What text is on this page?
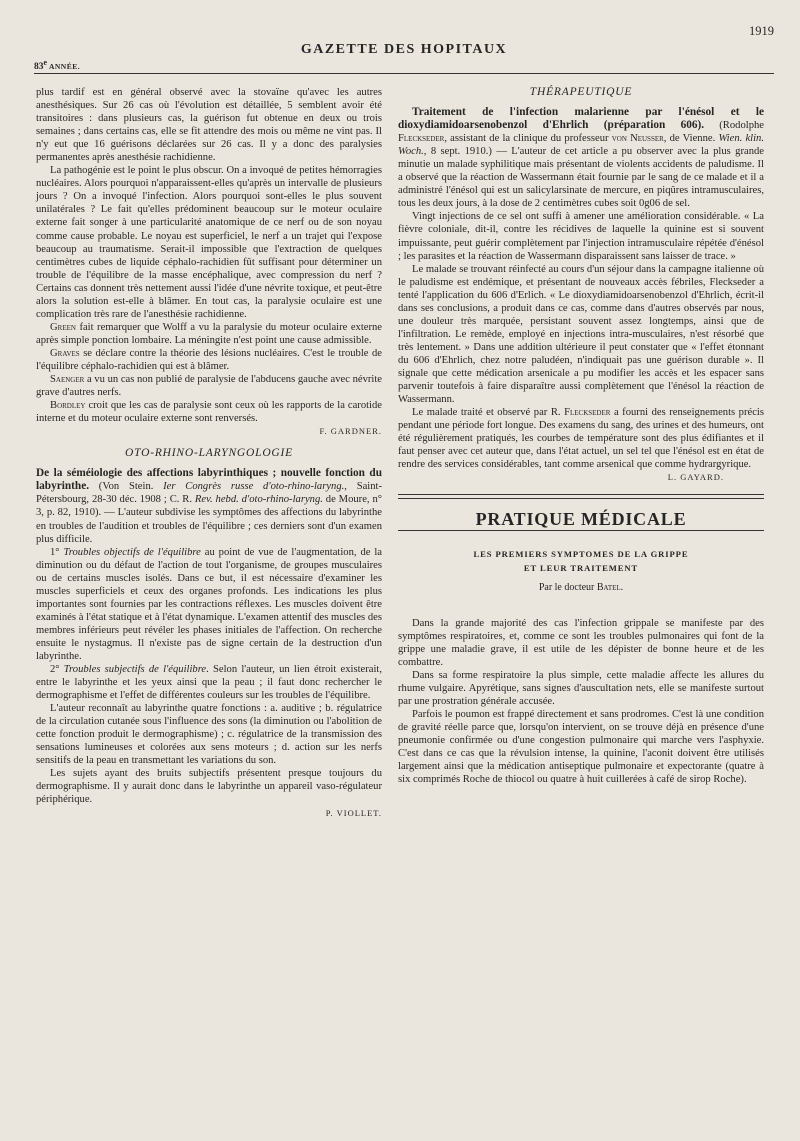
1919
GAZETTE DES HOPITAUX
83e ANNÉE.

plus tardif est en général observé avec la stovaïne qu'avec les autres anesthésiques. Sur 26 cas où l'évolution est détaillée, 5 semblent avoir été transitoires : dans plusieurs cas, la guérison fut obtenue en deux ou trois semaines ; dans certains cas, elle se fit attendre des mois ou même ne vint pas. Il n'y eut que 16 guérisons déclarées sur 26 cas. Il y a donc des paralysies permanentes après anesthésie rachidienne.

La pathogénie est le point le plus obscur. On a invoqué de petites hémorragies nucléaires. Alors pourquoi n'apparaissent-elles qu'après un intervalle de plusieurs jours ? On a invoqué l'infection. Alors pourquoi sont-elles le plus souvent unilatérales ? Le fait qu'elles prédominent beaucoup sur le moteur oculaire externe fait songer à une particularité anatomique de ce nerf ou de son noyau comme cause probable. Le noyau est superficiel, le nerf a un trajet qui l'expose beaucoup au traumatisme. Serait-il impossible que l'extraction de quelques centimètres cubes de liquide céphalo-rachidien fût suffisant pour déterminer un trouble de l'équilibre de la masse encéphalique, avec compression du nerf ? Certains cas donnent très nettement aussi l'idée d'une névrite toxique, et peut-être alors la solution est-elle à blâmer. En tout cas, la paralysie oculaire est une complication très rare de l'anesthésie rachidienne.

Green fait remarquer que Wolff a vu la paralysie du moteur oculaire externe après simple ponction lombaire. La méningite n'est point une cause admissible.

Graves se déclare contre la théorie des lésions nucléaires. C'est le trouble de l'équilibre céphalo-rachidien qui est à blâmer.

Saenger a vu un cas non publié de paralysie de l'abducens gauche avec névrite grave d'autres nerfs.

Bordley croit que les cas de paralysie sont ceux où les rapports de la carotide interne et du moteur oculaire externe sont renversés.

F. GARDNER.

OTO-RHINO-LARYNGOLOGIE

De la séméiologie des affections labyrinthiques ; nouvelle fonction du labyrinthe. (Von Stein. Ier Congrès russe d'oto-rhino-laryng., Saint-Pétersbourg, 28-30 déc. 1908 ; C. R. Rev. hebd. d'oto-rhino-laryng. de Moure, n° 3, p. 82, 1910). — L'auteur subdivise les symptômes des affections du labyrinthe en troubles de l'audition et troubles de l'équilibre ; ces derniers sont d'un examen plus difficile.

1° Troubles objectifs de l'équilibre au point de vue de l'augmentation, de la diminution ou du défaut de l'action de tout l'organisme, de groupes musculaires ou de certains muscles isolés. Dans ce but, il est nécessaire d'examiner les muscles superficiels et ceux des organes profonds. Les indications les plus importantes sont fournies par les contractions réflexes. Les muscles doivent être examinés à l'état statique et à l'état dynamique. L'examen attentif des muscles des membres inférieurs peut révéler les phases initiales de l'affection. On recherche ensuite le nystagmus. Il n'existe pas de signe certain de la destruction d'un labyrinthe.

2° Troubles subjectifs de l'équilibre. Selon l'auteur, un lien étroit existerait, entre le labyrinthe et les yeux ainsi que la peau ; il faut donc rechercher le dermographisme et l'effet de différentes couleurs sur les troubles de l'équilibre.

L'auteur reconnaît au labyrinthe quatre fonctions : a. auditive ; b. régulatrice de la circulation cutanée sous l'influence des sons (la diminution ou l'abolition de cette fonction produit le dermographisme) ; c. régulatrice de la transmission des sensations lumineuses et colorées aux sens moteurs ; d. action sur les nerfs sensitifs de la peau en transmettant les variations du son.

Les sujets ayant des bruits subjectifs présentent presque toujours du dermographisme. Il y aurait donc dans le labyrinthe un appareil vaso-régulateur périphérique.

P. VIOLLET.

THÉRAPEUTIQUE

Traitement de l'infection malarienne par l'énésol et le dioxydiamidoarsenobenzol d'Ehrlich (préparation 606). (Rodolphe Fleckseder, assistant de la clinique du professeur von Neusser, de Vienne. Wien. klin. Woch., 8 sept. 1910.) — L'auteur de cet article a pu observer avec la plus grande minutie un malade syphilitique mais présentant de violents accidents de paludisme. Il a observé que la réaction de Wassermann était fournie par le sang de ce malade et il a administré l'énésol qui est un salicylarsinate de mercure, en piqûres intramusculaires, tous les deux jours, à la dose de 2 centimètres cubes soit 0g06 de sel.

Vingt injections de ce sel ont suffi à amener une amélioration considérable. « La fièvre coloniale, dit-il, contre les récidives de laquelle la quinine est si souvent impuissante, peut guérir complètement par l'injection intramusculaire répétée d'énésol ; les parasites et la réaction de Wassermann disparaissent sans laisser de trace. »

Le malade se trouvant réinfecté au cours d'un séjour dans la campagne italienne où le paludisme est endémique, et présentant de nouveaux accès fébriles, Fleckseder a tenté l'application du 606 d'Erlich. « Le dioxydiamidoarsenobenzol d'Ehrlich, écrit-il dans ses conclusions, a produit dans ce cas, comme dans d'autres observés par nous, une douleur très marquée, persistant souvent assez longtemps, ainsi que de l'infiltration. Le remède, employé en injections intra-musculaires, n'est résorbé que très lentement. » Dans une addition ultérieure il peut constater que « l'effet étonnant du 606 d'Ehrlich, chez notre paludéen, n'indiquait pas une guérison durable ». Il signale que cette médication arsenicale a pu modifier les accès et les espacer sans parvenir toutefois à faire disparaître aussi complètement que l'énésol la réaction de Wassermann.

Le malade traité et observé par R. Fleckseder a fourni des renseignements précis pendant une période fort longue. Des examens du sang, des urines et des humeurs, ont été régulièrement pratiqués, les courbes de température sont des plus édifiantes et il faut penser avec cet auteur que, dans l'état actuel, un sel tel que l'énésol est en état de rendre des services considérables, tant comme arsenical que comme hydrargyrique.

L. GAYARD.

PRATIQUE MÉDICALE
LES PREMIERS SYMPTOMES DE LA GRIPPE
ET LEUR TRAITEMENT
Par le docteur Batel.

Dans la grande majorité des cas l'infection grippale se manifeste par des symptômes respiratoires, et, comme ce sont les troubles pulmonaires qui font de la grippe une maladie grave, il est utile de les dépister de bonne heure et de les combattre.

Dans sa forme respiratoire la plus simple, cette maladie affecte les allures du rhume vulgaire. Apyrétique, sans signes d'auscultation nets, elle se manifeste surtout par une prostration générale accusée.

Parfois le poumon est frappé directement et sans prodromes. C'est là une condition de gravité réelle parce que, lorsqu'on intervient, on se trouve déjà en présence d'une pneumonie confirmée ou d'une congestion pulmonaire qui marche vers l'asphyxie. C'est dans ce cas que la révulsion intense, la quinine, l'aconit doivent être utilisés largement ainsi que la médication antiseptique pulmonaire et expectorante (quatre à six comprimés Roche de thiocol ou quatre à huit cuillerées à café de sirop Roche).
